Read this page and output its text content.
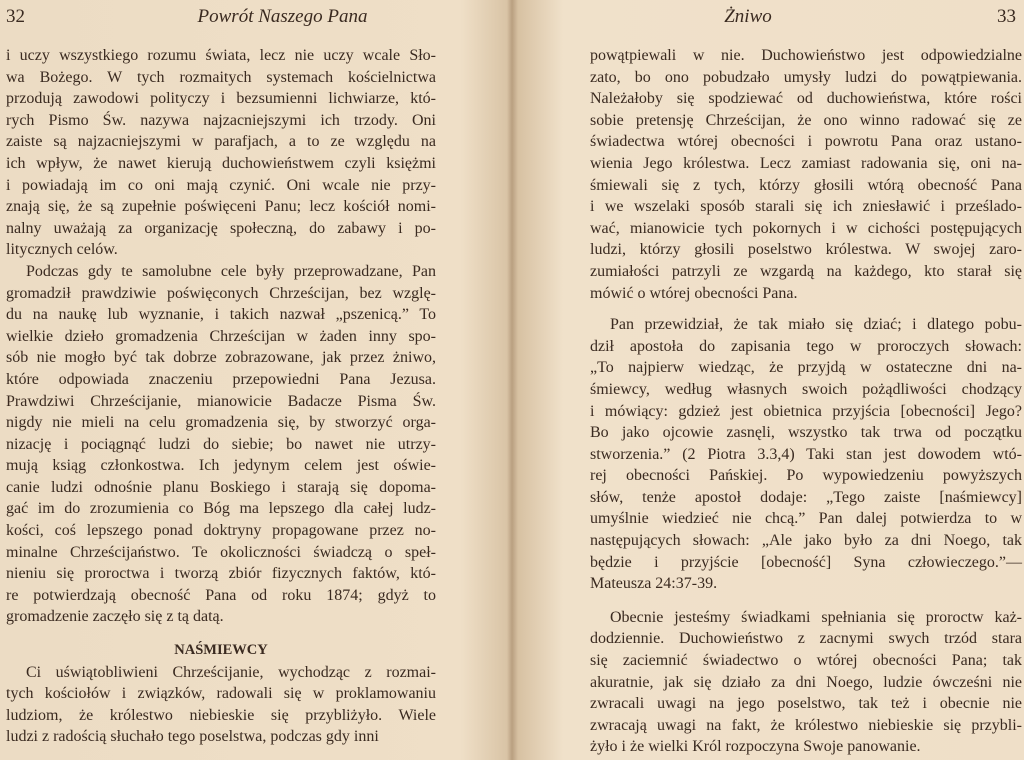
32	Powrót Naszego Pana
i uczy wszystkiego rozumu świata, lecz nie uczy wcale Sło-
wa Bożego. W tych rozmaitych systemach kościelnictwa
przodują zawodowi polityczy i bezsumienni lichwiarze, któ-
rych Pismo Św. nazywa najzacniejszymi ich trzody. Oni
zaiste są najzacniejszymi w parafjach, a to ze względu na
ich wpływ, że nawet kierują duchowieństwem czyli księżmi
i powiadają im co oni mają czynić. Oni wcale nie przy-
znają się, że są zupełnie poświęceni Panu; lecz kościół nomi-
nalny uważają za organizację społeczną, do zabawy i po-
litycznych celów.
Podczas gdy te samolubne cele były przeprowadzane, Pan
gromadził prawdziwie poświęconych Chrześcijan, bez wzglę-
du na naukę lub wyznanie, i takich nazwał „pszenicą.” To
wielkie dzieło gromadzenia Chrześcijan w żaden inny spo-
sób nie mogło być tak dobrze zobrazowane, jak przez żniwo,
które odpowiada znaczeniu przepowiedni Pana Jezusa.
Prawdziwi Chrześcijanie, mianowicie Badacze Pisma Św.
nigdy nie mieli na celu gromadzenia się, by stworzyć orga-
nizację i pociągnąć ludzi do siebie; bo nawet nie utrzy-
mują ksiąg członkostwa. Ich jedynym celem jest oświe-
canie ludzi odnośnie planu Boskiego i starają się dopoma-
gać im do zrozumienia co Bóg ma lepszego dla całej ludz-
kości, coś lepszego ponad doktryny propagowane przez no-
minalne Chrześcijaństwo. Te okoliczności świadczą o speł-
nieniu się proroctwa i tworzą zbiór fizycznych faktów, któ-
re potwierdzają obecność Pana od roku 1874; gdyż to
gromadzenie zaczęło się z tą datą.
NAŚMIEWCY
Ci uświątobliwieni Chrześcijanie, wychodząc z rozmai-
tych kościołów i związków, radowali się w proklamowaniu
ludziom, że królestwo niebieskie się przybliżyło. Wiele
ludzi z radością słuchało tego poselstwa, podczas gdy inni
Żniwo	33
powątpiewali w nie. Duchowieństwo jest odpowiedzialne
zato, bo ono pobudzało umysły ludzi do powątpiewania.
Należałoby się spodziewać od duchowieństwa, które rości
sobie pretensję Chrześcijan, że ono winno radować się ze
świadectwa wtórej obecności i powrotu Pana oraz ustano-
wienia Jego królestwa. Lecz zamiast radowania się, oni na-
śmiewali się z tych, którzy głosili wtórą obecność Pana
i we wszelaki sposób starali się ich zniesławić i prześlado-
wać, mianowicie tych pokornych i w cichości postępujących
ludzi, którzy głosili poselstwo królestwa. W swojej zaro-
zumiałości patrzyli ze wzgardą na każdego, kto starał się
mówić o wtórej obecności Pana.
Pan przewidział, że tak miało się dziać; i dlatego pobu-
dził apostoła do zapisania tego w proroczych słowach:
„To najpierw wiedząc, że przyjdą w ostateczne dni na-
śmiewcy, według własnych swoich pożądliwości chodzący
i mówiący: gdzież jest obietnica przyjścia [obecności] Jego?
Bo jako ojcowie zasnęli, wszystko tak trwa od początku
stworzenia.” (2 Piotra 3.3,4) Taki stan jest dowodem wtó-
rej obecności Pańskiej. Po wypowiedzeniu powyższych
słów, tenże apostoł dodaje: „Tego zaiste [naśmiewcy]
umyślnie wiedzieć nie chcą.” Pan dalej potwierdza to w
następujących słowach: „Ale jako było za dni Noego, tak
będzie i przyjście [obecność] Syna człowieczego.”—
Mateusza 24:37-39.
Obecnie jesteśmy świadkami spełniania się proroctw każ-
dodziennie. Duchowieństwo z zacnymi swych trzód stara
się zaciemnić świadectwo o wtórej obecności Pana; tak
akuratnie, jak się działo za dni Noego, ludzie ówcześni nie
zwracali uwagi na jego poselstwo, tak też i obecnie nie
zwracają uwagi na fakt, że królestwo niebieskie się przybli-
żyło i że wielki Król rozpoczyna Swoje panowanie.
